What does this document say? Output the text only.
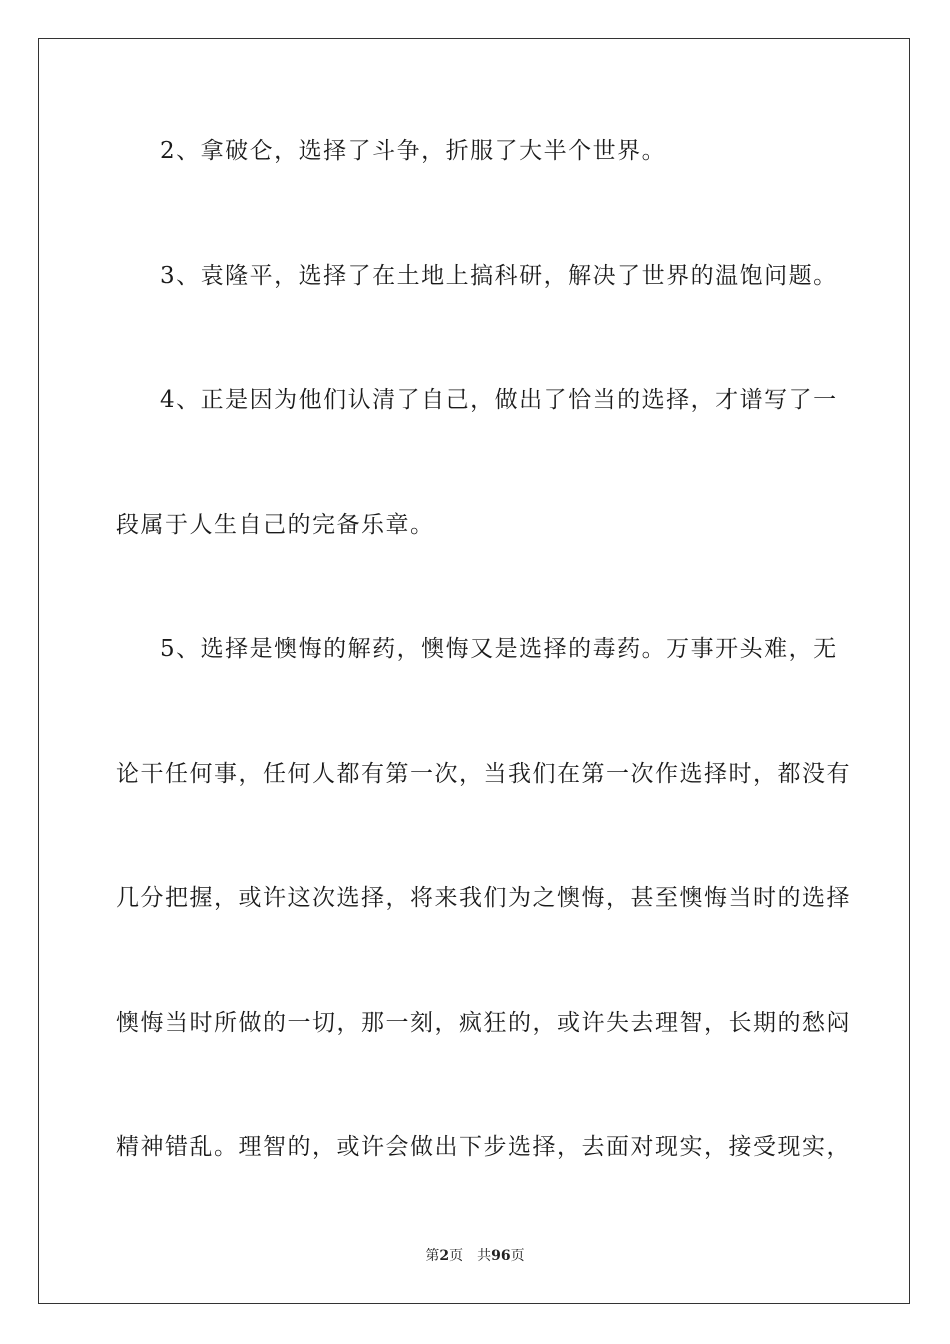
2、拿破仑，选择了斗争，折服了大半个世界。
3、袁隆平，选择了在土地上搞科研，解决了世界的温饱问题。
4、正是因为他们认清了自己，做出了恰当的选择，才谱写了一
段属于人生自己的完备乐章。
5、选择是懊悔的解药，懊悔又是选择的毒药。万事开头难，无
论干任何事，任何人都有第一次，当我们在第一次作选择时，都没有
几分把握，或许这次选择，将来我们为之懊悔，甚至懊悔当时的选择
懊悔当时所做的一切，那一刻，疯狂的，或许失去理智，长期的愁闷
精神错乱。理智的，或许会做出下步选择，去面对现实，接受现实，
第2页 共96页
